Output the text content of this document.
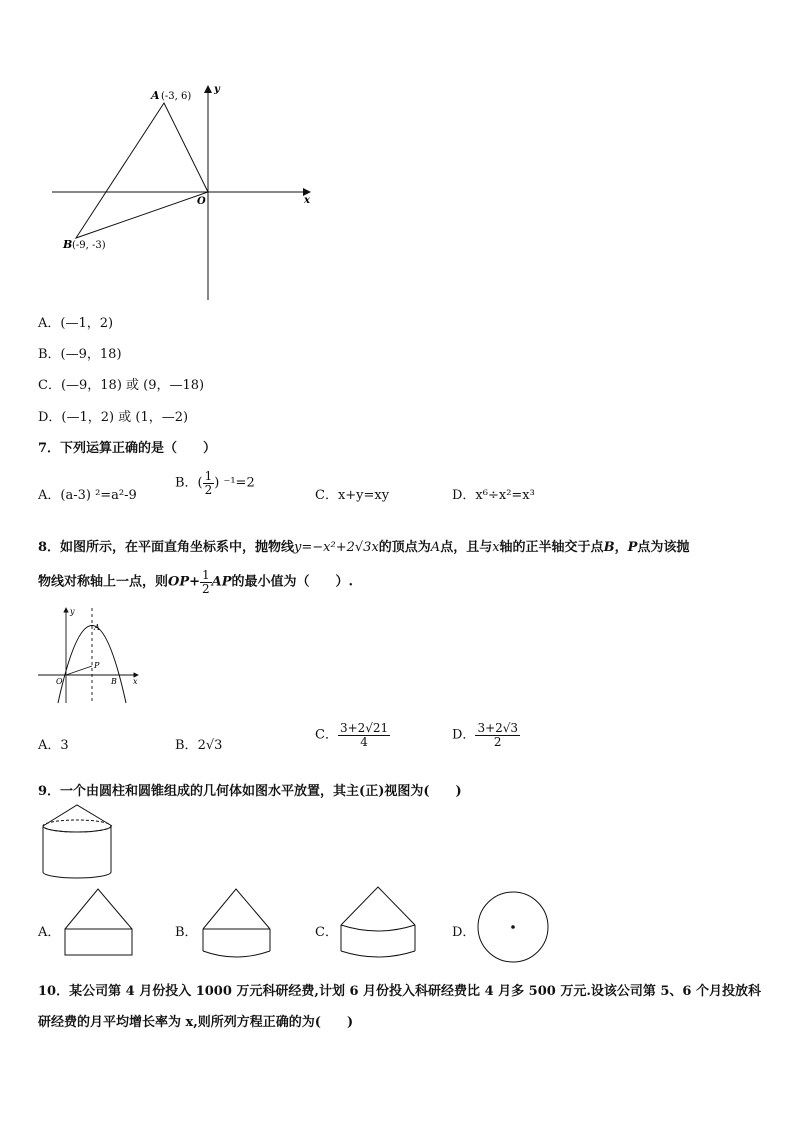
A (-3, 6)
B (-9, -3)
O	x
y
A．(—1，2)
B．(—9，18)
C．(—9，18) 或 (9，—18)
D．(—1，2) 或 (1，—2)
7．下列运算正确的是（　　）
A．(a-3) ²=a²-9
B．( $\frac{1}{2}$ ) ⁻¹=2
C．x+y=xy	D．x⁶÷x²=x³
8．如图所示，在平面直角坐标系中，抛物线y=−x²+2√3x的顶点为A点，且与x轴的正半轴交于点B，P点为该抛
物线对称轴上一点，则$OP+ \frac{1}{2}$ AP的最小值为（　　）.
y
x
O
A
P
B
A．3	B．2√3
C． $\frac{3+2√21}{4}$	D． $\frac{3+2√3}{2}$
9．一个由圆柱和圆锥组成的几何体如图水平放置，其主(正)视图为(　　)
A．	B．	C．	D．
10．某公司第 4 月份投入 1000 万元科研经费,计划 6 月份投入科研经费比 4 月多 500 万元.设该公司第 5、6 个月投放科
研经费的月平均增长率为 x,则所列方程正确的为(　　)
